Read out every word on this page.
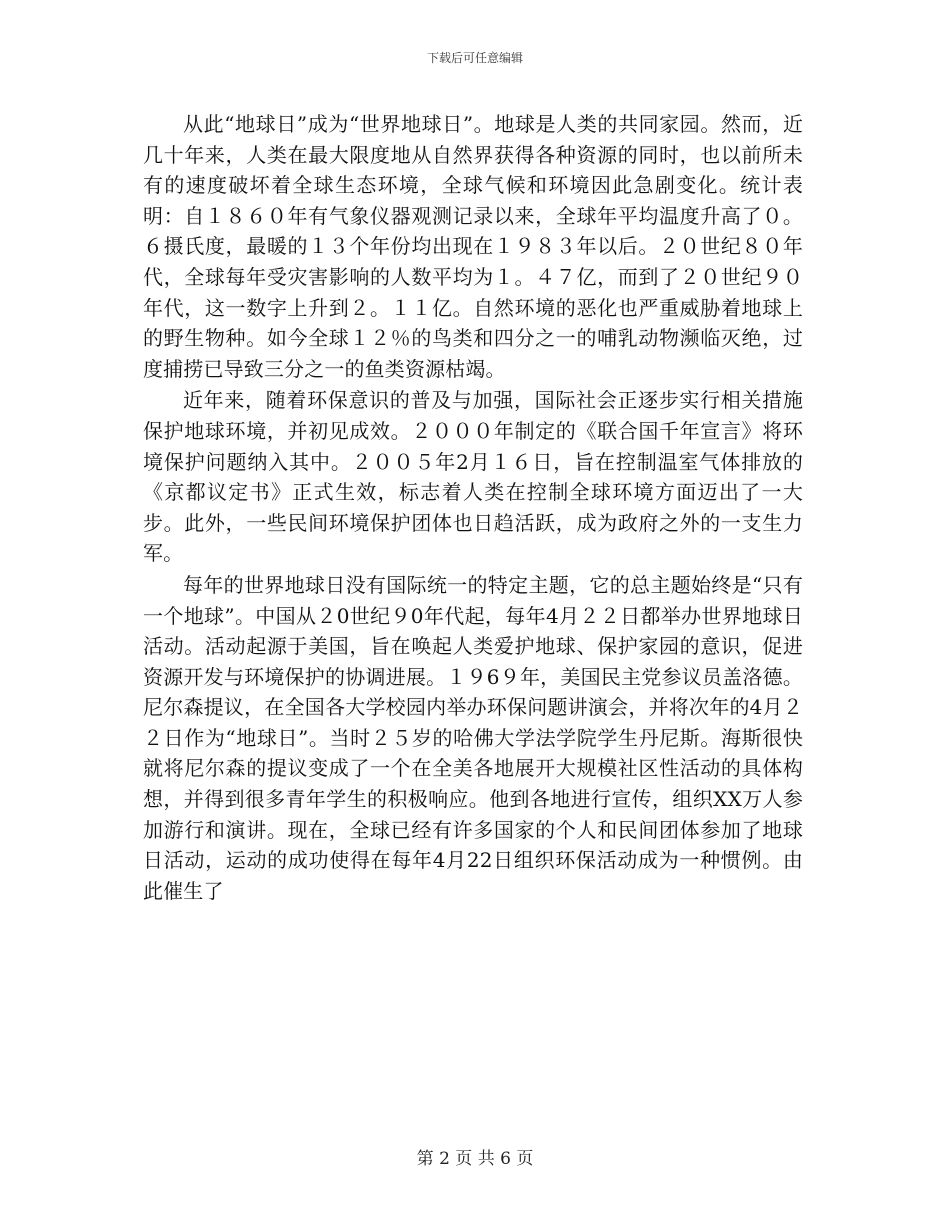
下载后可任意编辑

从此“地球日”成为“世界地球日”。地球是人类的共同家园。然而，近几十年来，人类在最大限度地从自然界获得各种资源的同时，也以前所未有的速度破坏着全球生态环境，全球气候和环境因此急剧变化。统计表明：自１８６０年有气象仪器观测记录以来，全球年平均温度升高了０。６摄氏度，最暖的１３个年份均出现在１９８３年以后。２０世纪８０年代，全球每年受灾害影响的人数平均为１。４７亿，而到了２０世纪９０年代，这一数字上升到２。１１亿。自然环境的恶化也严重威胁着地球上的野生物种。如今全球１２％的鸟类和四分之一的哺乳动物濒临灭绝，过度捕捞已导致三分之一的鱼类资源枯竭。

近年来，随着环保意识的普及与加强，国际社会正逐步实行相关措施保护地球环境，并初见成效。２０００年制定的《联合国千年宣言》将环境保护问题纳入其中。２００５年2月１６日，旨在控制温室气体排放的《京都议定书》正式生效，标志着人类在控制全球环境方面迈出了一大步。此外，一些民间环境保护团体也日趋活跃，成为政府之外的一支生力军。

每年的世界地球日没有国际统一的特定主题，它的总主题始终是“只有一个地球”。中国从２0世纪９0年代起，每年4月２２日都举办世界地球日活动。活动起源于美国，旨在唤起人类爱护地球、保护家园的意识，促进资源开发与环境保护的协调进展。１９6９年，美国民主党参议员盖洛德。尼尔森提议，在全国各大学校园内举办环保问题讲演会，并将次年的4月２２日作为“地球日”。当时２５岁的哈佛大学法学院学生丹尼斯。海斯很快就将尼尔森的提议变成了一个在全美各地展开大规模社区性活动的具体构想，并得到很多青年学生的积极响应。他到各地进行宣传，组织XX万人参加游行和演讲。现在，全球已经有许多国家的个人和民间团体参加了地球日活动，运动的成功使得在每年4月22日组织环保活动成为一种惯例。由此催生了

第 2 页 共 6 页
